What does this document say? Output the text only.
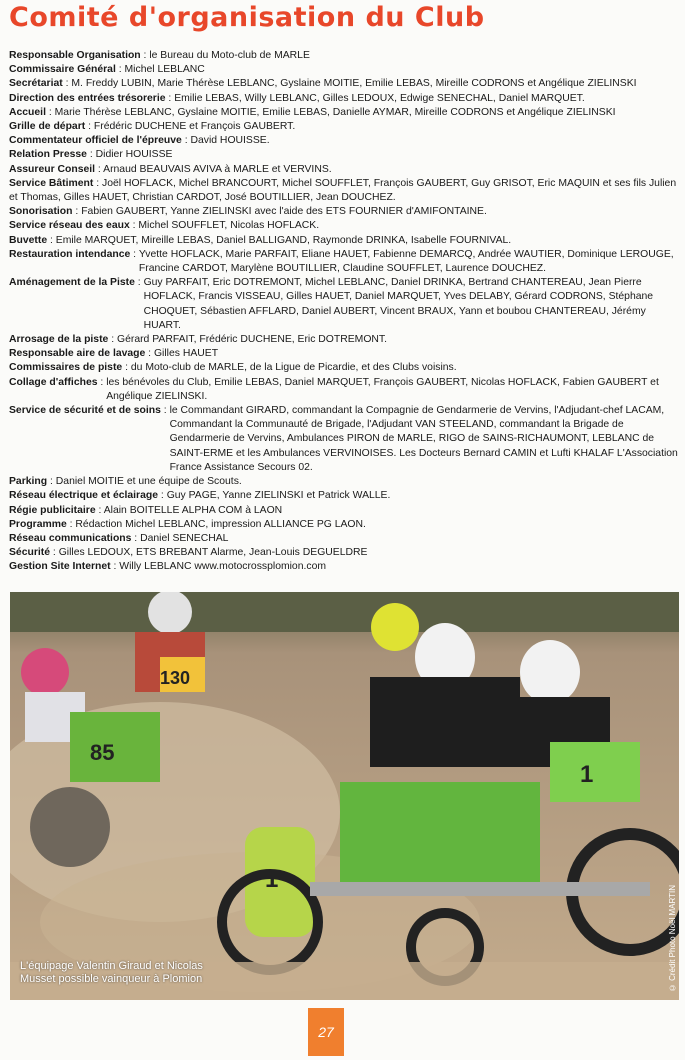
Comité d'organisation du Club
Responsable Organisation : le Bureau du Moto-club de MARLE
Commissaire Général : Michel LEBLANC
Secrétariat : M. Freddy LUBIN, Marie Thérèse LEBLANC, Gyslaine MOITIE, Emilie LEBAS, Mireille CODRONS et Angélique ZIELINSKI
Direction des entrées trésorerie : Emilie LEBAS, Willy LEBLANC, Gilles LEDOUX, Edwige SENECHAL, Daniel MARQUET.
Accueil : Marie Thérèse LEBLANC, Gyslaine MOITIE, Emilie LEBAS, Danielle AYMAR, Mireille CODRONS et Angélique ZIELINSKI
Grille de départ : Frédéric DUCHENE et François GAUBERT.
Commentateur officiel de l'épreuve : David HOUISSE.
Relation Presse : Didier HOUISSE
Assureur Conseil : Arnaud BEAUVAIS AVIVA à MARLE et VERVINS.
Service Bâtiment : Joël HOFLACK, Michel BRANCOURT, Michel SOUFFLET, François GAUBERT, Guy GRISOT, Eric MAQUIN et ses fils Julien et Thomas, Gilles HAUET, Christian CARDOT, José BOUTILLIER, Jean DOUCHEZ.
Sonorisation : Fabien GAUBERT, Yanne ZIELINSKI avec l'aide des ETS FOURNIER d'AMIFONTAINE.
Service réseau des eaux : Michel SOUFFLET, Nicolas HOFLACK.
Buvette : Emile MARQUET, Mireille LEBAS, Daniel BALLIGAND, Raymonde DRINKA, Isabelle FOURNIVAL.
Restauration intendance : Yvette HOFLACK, Marie PARFAIT, Eliane HAUET, Fabienne DEMARCQ, Andrée WAUTIER, Dominique LEROUGE, Francine CARDOT, Marylène BOUTILLIER, Claudine SOUFFLET, Laurence DOUCHEZ.
Aménagement de la Piste : Guy PARFAIT, Eric DOTREMONT, Michel LEBLANC, Daniel DRINKA, Bertrand CHANTEREAU, Jean Pierre HOFLACK, Francis VISSEAU, Gilles HAUET, Daniel MARQUET, Yves DELABY, Gérard CODRONS, Stéphane CHOQUET, Sébastien AFFLARD, Daniel AUBERT, Vincent BRAUX, Yann et boubou CHANTEREAU, Jérémy HUART.
Arrosage de la piste : Gérard PARFAIT, Frédéric DUCHENE, Eric DOTREMONT.
Responsable aire de lavage : Gilles HAUET
Commissaires de piste : du Moto-club de MARLE, de la Ligue de Picardie, et des Clubs voisins.
Collage d'affiches : les bénévoles du Club, Emilie LEBAS, Daniel MARQUET, François GAUBERT, Nicolas HOFLACK, Fabien GAUBERT et Angélique ZIELINSKI.
Service de sécurité et de soins : le Commandant GIRARD, commandant la Compagnie de Gendarmerie de Vervins, l'Adjudant-chef LACAM, Commandant la Communauté de Brigade, l'Adjudant VAN STEELAND, commandant la Brigade de Gendarmerie de Vervins, Ambulances PIRON de MARLE, RIGO de SAINS-RICHAUMONT, LEBLANC de SAINT-ERME et les Ambulances VERVINOISES. Les Docteurs Bernard CAMIN et Lufti KHALAF L'Association France Assistance Secours 02.
Parking : Daniel MOITIE et une équipe de Scouts.
Réseau électrique et éclairage : Guy PAGE, Yanne ZIELINSKI et Patrick WALLE.
Régie publicitaire : Alain BOITELLE ALPHA COM à LAON
Programme : Rédaction Michel LEBLANC, impression ALLIANCE PG LAON.
Réseau communications : Daniel SENECHAL
Sécurité : Gilles LEDOUX, ETS BREBANT Alarme, Jean-Louis DEGUELDRE
Gestion Site Internet : Willy LEBLANC www.motocrossplomion.com
85
130
1
1
L'équipage Valentin Giraud et Nicolas Musset possible vainqueur à Plomion	© Crédit Photo Noël MARTIN
27
